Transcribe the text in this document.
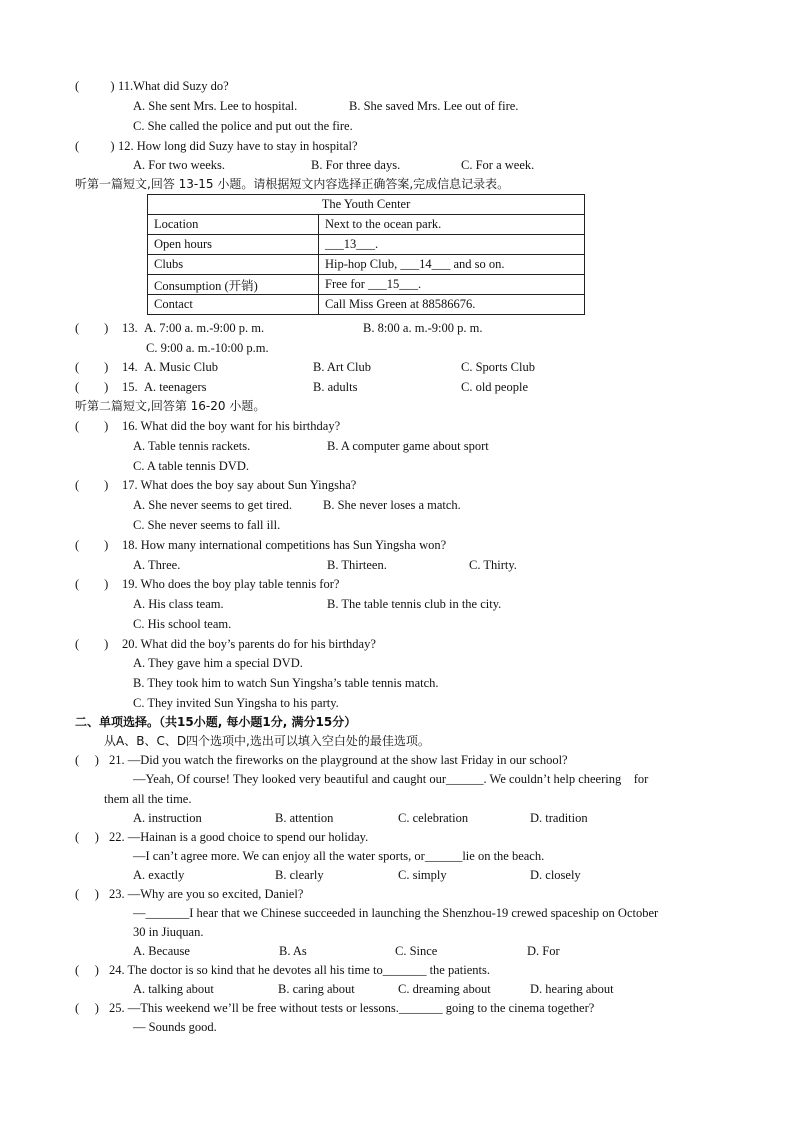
(          ) 11.What did Suzy do?
A. She sent Mrs. Lee to hospital.	B. She saved Mrs. Lee out of fire.
C. She called the police and put out the fire.
(          ) 12. How long did Suzy have to stay in hospital?
A. For two weeks.	B. For three days.	C. For a week.
听第一篇短文,回答 13-15 小题。请根据短文内容选择正确答案,完成信息记录表。
The Youth Center	
Location	Next to the ocean park.
Open hours	___13___.
Clubs	Hip-hop Club, ___14___ and so on.
Consumption (开销)	Free for ___15___.
Contact	Call Miss Green at 88586676.
(        ) 13. A. 7:00 a. m.-9:00 p. m.	B. 8:00 a. m.-9:00 p. m.
C. 9:00 a. m.-10:00 p.m.
(        ) 14. A. Music Club	B. Art Club	C. Sports Club
(        ) 15. A. teenagers	B. adults	C. old people
听第二篇短文,回答第 16-20 小题。
(        ) 16. What did the boy want for his birthday?
A. Table tennis rackets.	B. A computer game about sport
C. A table tennis DVD.
(        ) 17. What does the boy say about Sun Yingsha?
A. She never seems to get tired. B. She never loses a match.
C. She never seems to fall ill.
(        ) 18. How many international competitions has Sun Yingsha won?
A. Three.	B. Thirteen.	C. Thirty.
(        ) 19. Who does the boy play table tennis for?
A. His class team.	B. The table tennis club in the city.
C. His school team.
(        ) 20. What did the boy’s parents do for his birthday?
A. They gave him a special DVD.
B. They took him to watch Sun Yingsha’s table tennis match.
C. They invited Sun Yingsha to his party.
二、单项选择。（共15小题, 每小题1分, 满分15分）
从A、B、C、D四个选项中,选出可以填入空白处的最佳选项。
(     ) 21. —Did you watch the fireworks on the playground at the show last Friday in our school?
—Yeah, Of course! They looked very beautiful and caught our______. We couldn’t help cheering    for
them all the time.
A. instruction	B. attention	C. celebration	D. tradition
(     ) 22. —Hainan is a good choice to spend our holiday.
—I can’t agree more. We can enjoy all the water sports, or______lie on the beach.
A. exactly	B. clearly	C. simply	D. closely
(     ) 23. —Why are you so excited, Daniel?
—_______I hear that we Chinese succeeded in launching the Shenzhou-19 crewed spaceship on October
30 in Jiuquan.
A. Because	B. As	C. Since	D. For
(     ) 24. The doctor is so kind that he devotes all his time to_______ the patients.
A. talking about	B. caring about	C. dreaming about	D. hearing about
(     ) 25. —This weekend we’ll be free without tests or lessons._______ going to the cinema together?
— Sounds good.
